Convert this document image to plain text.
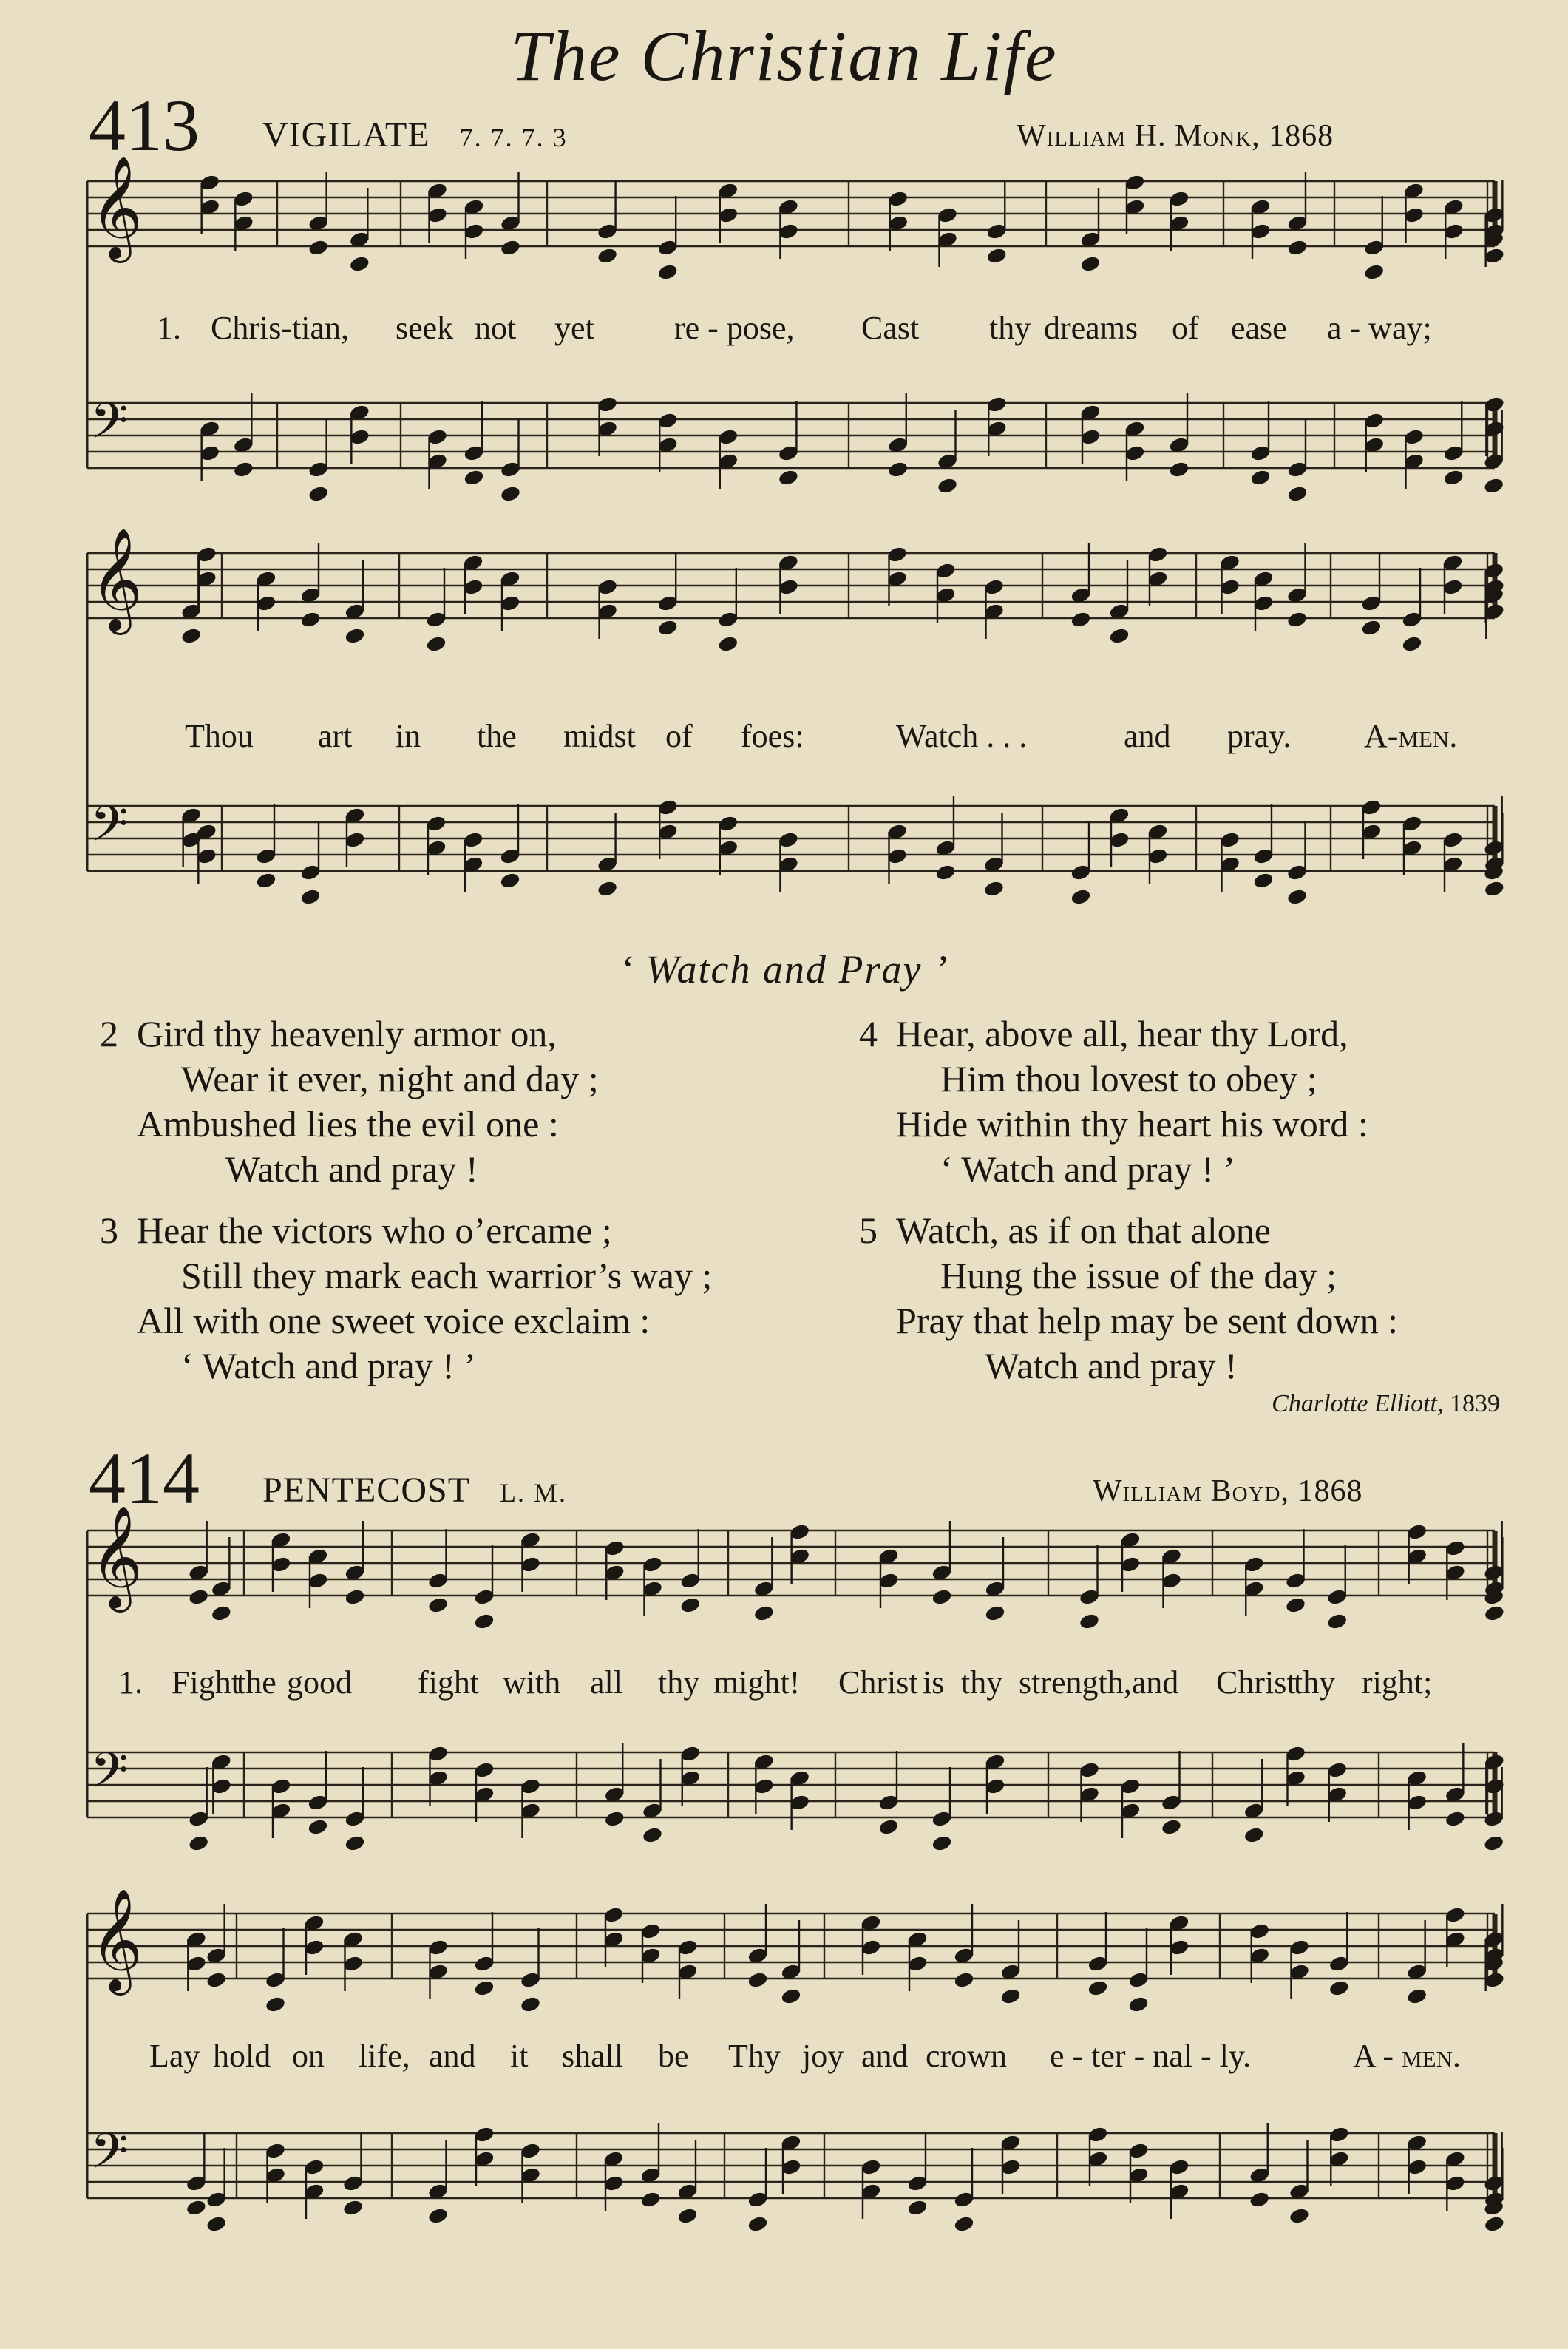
𝄞
𝄢
𝄞
𝄢
𝄞
𝄢
𝄞
𝄢
The Christian Life
413 VIGILATE 7. 7. 7. 3	William H. Monk, 1868
1. Chris-tian, seek not yet re - pose, Cast thy dreams of ease a - way;
Thou art in the midst of foes:	Watch . . .	and pray. A-men.
‘ Watch and Pray ’
2 Gird thy heavenly armor on,
Wear it ever, night and day ;
Ambushed lies the evil one :
Watch and pray !
3 Hear the victors who o’ercame ;
Still they mark each warrior’s way ;
All with one sweet voice exclaim :
‘ Watch and pray ! ’
4 Hear, above all, hear thy Lord,
Him thou lovest to obey ;
Hide within thy heart his word :
‘ Watch and pray ! ’
5 Watch, as if on that alone
Hung the issue of the day ;
Pray that help may be sent down :
Watch and pray !
Charlotte Elliott, 1839
414 PENTECOST L. M.	William Boyd, 1868
1. Fight
the good fight with all thy might! Christ is thy strength,and Christ
thy right;
Lay hold on life, and it shall be Thy joy and crown e - ter - nal - ly.	A - men.
